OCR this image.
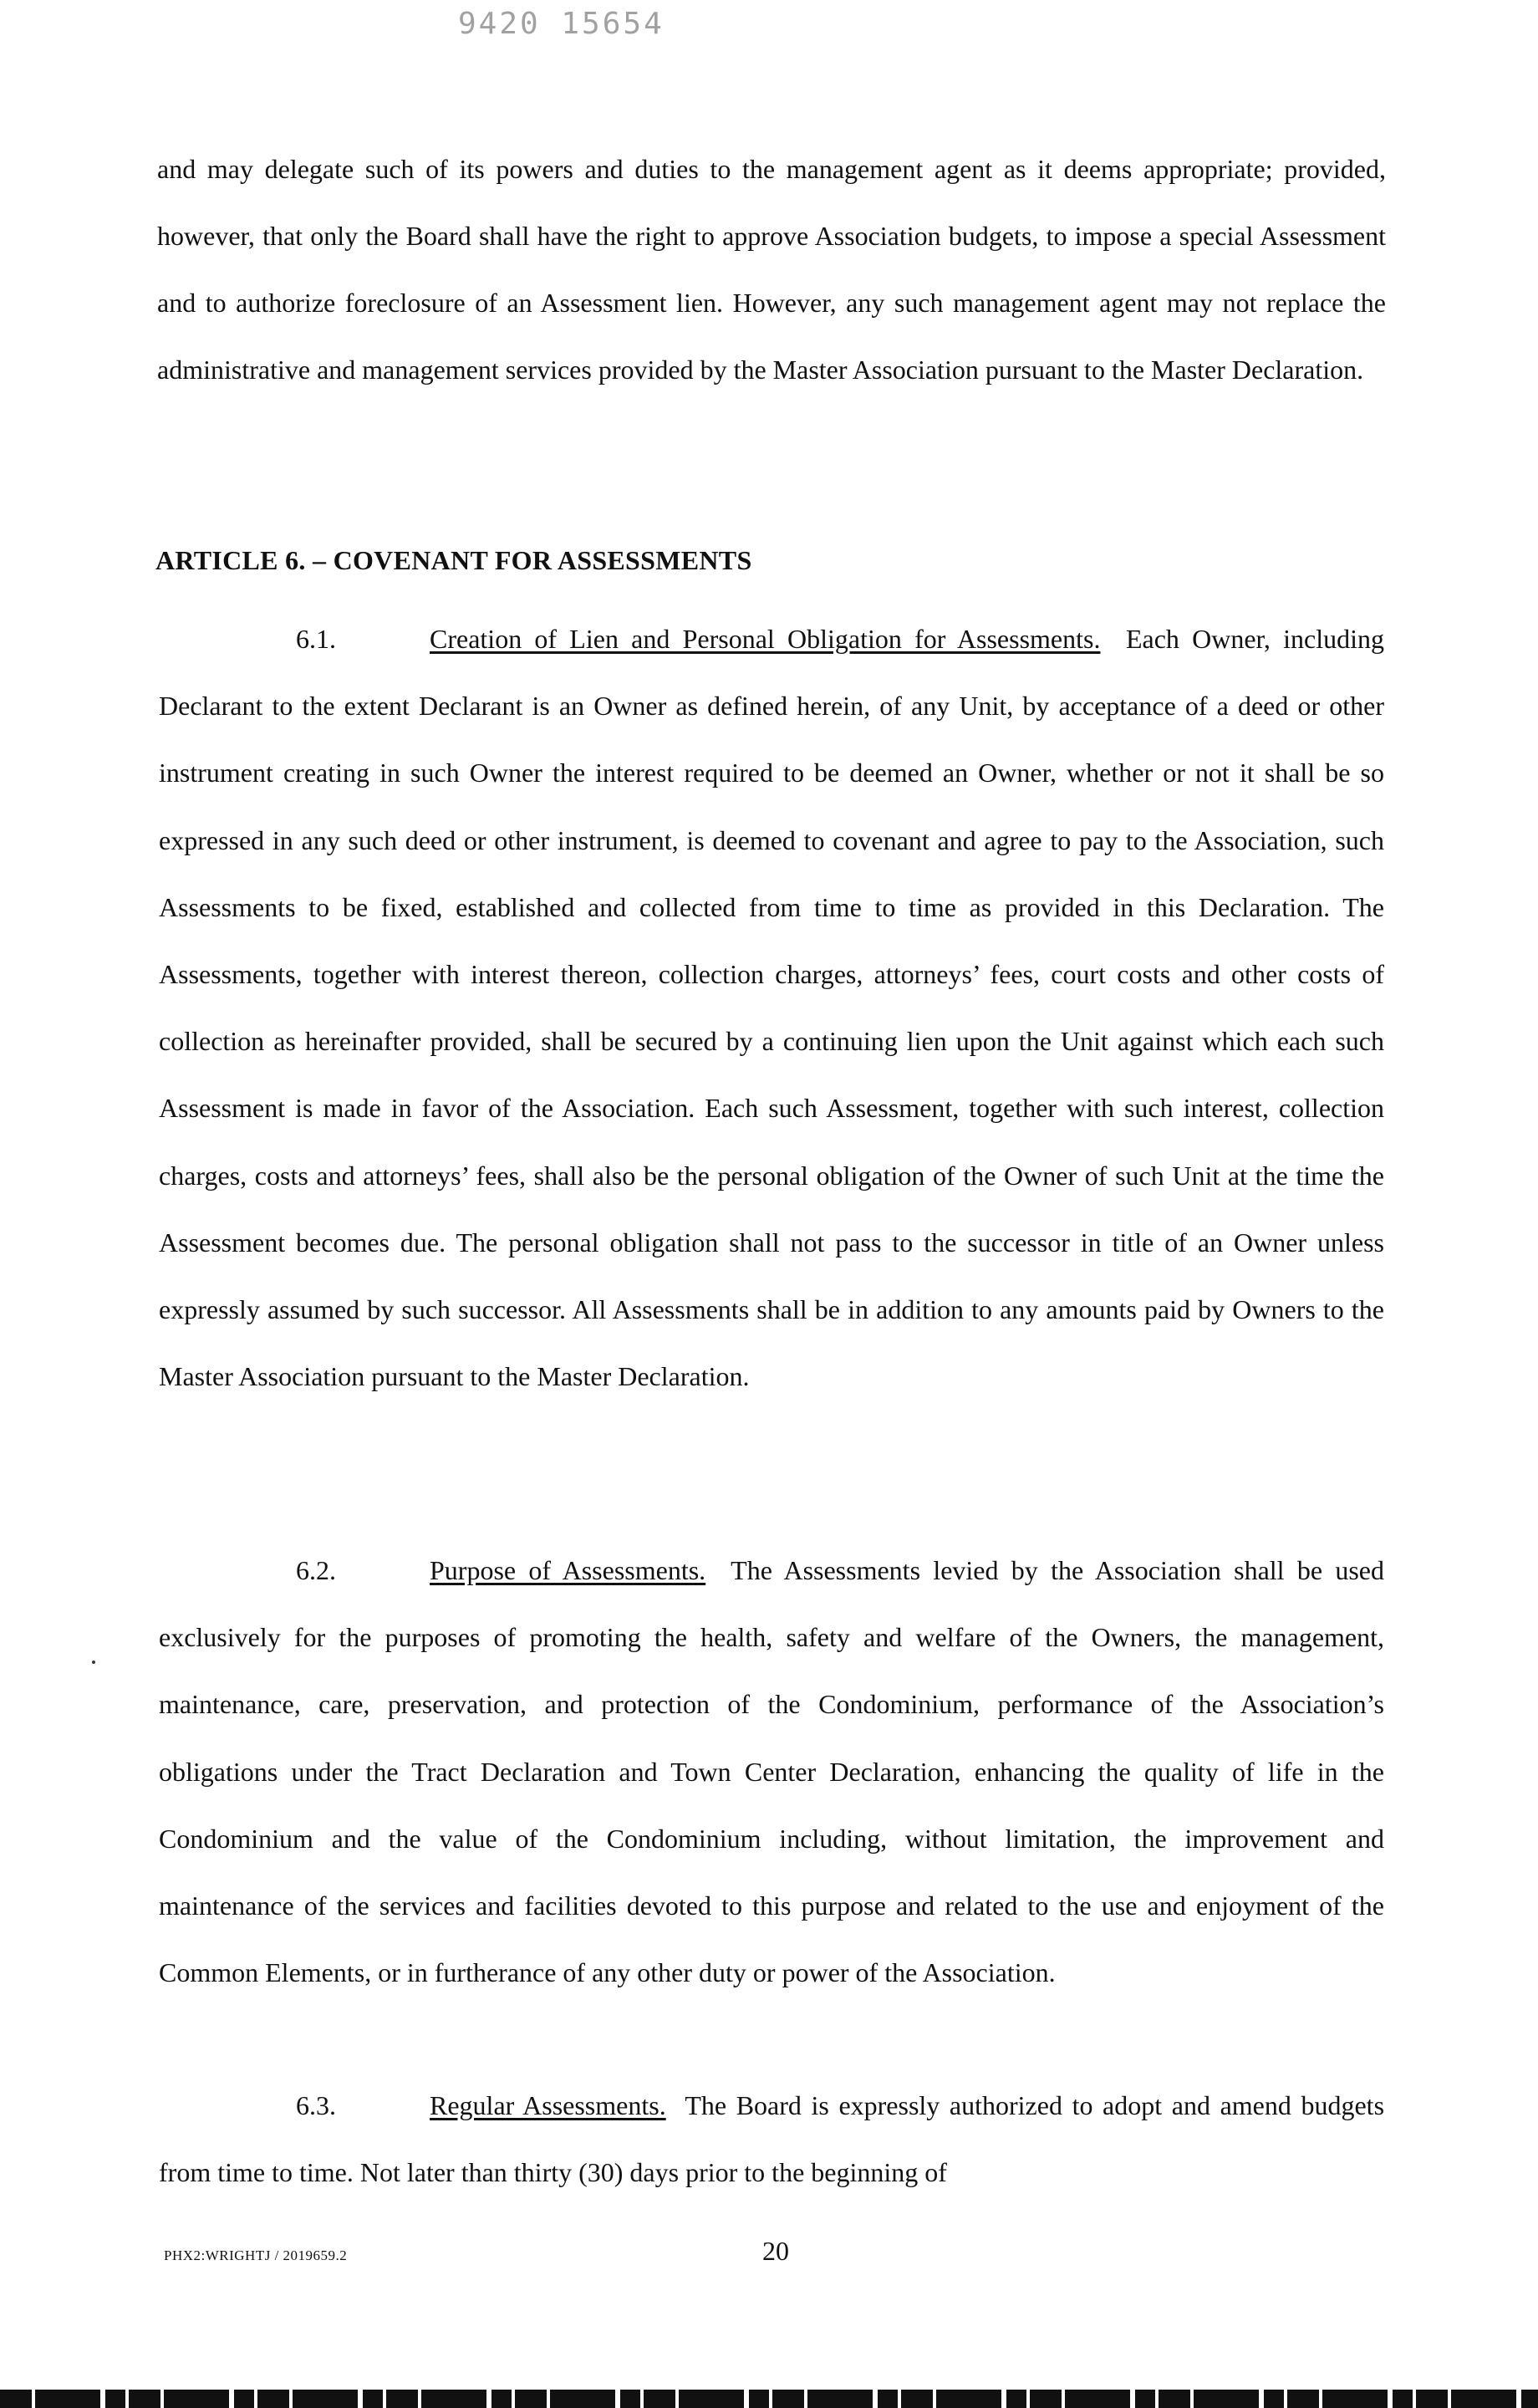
9420 15654
and may delegate such of its powers and duties to the management agent as it deems appropriate; provided, however, that only the Board shall have the right to approve Association budgets, to impose a special Assessment and to authorize foreclosure of an Assessment lien. However, any such management agent may not replace the administrative and management services provided by the Master Association pursuant to the Master Declaration.
ARTICLE 6. – COVENANT FOR ASSESSMENTS
6.1.	Creation of Lien and Personal Obligation for Assessments. Each Owner, including Declarant to the extent Declarant is an Owner as defined herein, of any Unit, by acceptance of a deed or other instrument creating in such Owner the interest required to be deemed an Owner, whether or not it shall be so expressed in any such deed or other instrument, is deemed to covenant and agree to pay to the Association, such Assessments to be fixed, established and collected from time to time as provided in this Declaration. The Assessments, together with interest thereon, collection charges, attorneys’ fees, court costs and other costs of collection as hereinafter provided, shall be secured by a continuing lien upon the Unit against which each such Assessment is made in favor of the Association. Each such Assessment, together with such interest, collection charges, costs and attorneys’ fees, shall also be the personal obligation of the Owner of such Unit at the time the Assessment becomes due. The personal obligation shall not pass to the successor in title of an Owner unless expressly assumed by such successor. All Assessments shall be in addition to any amounts paid by Owners to the Master Association pursuant to the Master Declaration.
6.2.	Purpose of Assessments. The Assessments levied by the Association shall be used exclusively for the purposes of promoting the health, safety and welfare of the Owners, the management, maintenance, care, preservation, and protection of the Condominium, performance of the Association’s obligations under the Tract Declaration and Town Center Declaration, enhancing the quality of life in the Condominium and the value of the Condominium including, without limitation, the improvement and maintenance of the services and facilities devoted to this purpose and related to the use and enjoyment of the Common Elements, or in furtherance of any other duty or power of the Association.
6.3.	Regular Assessments. The Board is expressly authorized to adopt and amend budgets from time to time. Not later than thirty (30) days prior to the beginning of
PHX2:WRIGHTJ / 2019659.2	20
